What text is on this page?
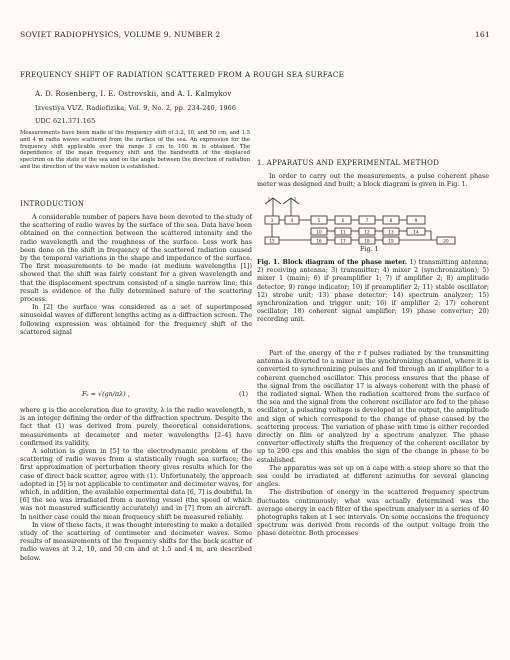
SOVIET RADIOPHYSICS, VOLUME 9, NUMBER 2	161
FREQUENCY SHIFT OF RADIATION SCATTERED FROM A ROUGH SEA SURFACE
A. D. Rosenberg, I. E. Ostrovskii, and A. I. Kalmykov
Izvestiya VUZ. Radiofizika, Vol. 9, No. 2, pp. 234-240, 1966
UDC 621.371.165
Measurements have been made of the frequency shift of 3.2, 10, and 50 cm, and 1.5 and 4 m radio waves scattered from the surface of the sea. An expression for the frequency shift applicable over the range 3 cm to 100 m is obtained. The dependence of the mean frequency shift and the bandwidth of the displaced spectrum on the state of the sea and on the angle between the direction of radiation and the direction of the wave motion is established.
INTRODUCTION

A considerable number of papers have been devoted to the study of the scattering of radio waves by the surface of the sea. Data have been obtained on the connection between the scattered intensity and the radio wavelength and the roughness of the surface. Less work has been done on the shift in frequency of the scattered radiation caused by the temporal variations in the shape and impedance of the surface. The first measurements to be made (at medium wavelengths [1]) showed that the shift was fairly constant for a given wavelength and that the displacement spectrum consisted of a single narrow line; this result is evidence of the fully determined nature of the scattering process.

In [2] the surface was considered as a set of superimposed sinusoidal waves of different lengths acting as a diffraction screen. The following expression was obtained for the frequency shift of the scattered signal

Fₛ = √(gn/πλ) ,	(1)

where g is the acceleration due to gravity, λ is the radio wavelength, n is an integer defining the order of the diffraction spectrum. Despite the fact that (1) was derived from purely theoretical considerations, measurements at decameter and meter wavelengths [2–4] have confirmed its validity.

A solution is given in [5] to the electrodynamic problem of the scattering of radio waves from a statistically rough sea surface; the first approximation of perturbation theory gives results which for the case of direct back scatter, agree with (1). Unfortunately, the approach adopted in [5] is not applicable to centimeter and decimeter waves, for which, in addition, the available experimental data [6, 7] is doubtful. In [6] the sea was irradiated from a moving vessel (the speed of which was not measured sufficiently accurately) and in [7] from an aircraft. In neither case could the mean frequency shift be measured reliably.

In view of these facts, it was thought interesting to make a detailed study of the scattering of centimeter and decimeter waves. Some results of measurements of the frequency shifts for the back scatter of radio waves at 3.2, 10, and 50 cm and at 1.5 and 4 m, are described below.

1. APPARATUS AND EXPERIMENTAL METHOD

In order to carry out the measurements, a pulse coherent phase meter was designed and built; a block diagram is given in Fig. 1.

3	4	5	6	7	8	9
10	11	12	13	14
15	16	17	18	19	20
1	2
Fig. 1
Fig. 1. Block diagram of the phase meter. 1) transmitting antenna; 2) receiving antenna; 3) transmitter; 4) mixer 2 (synchronization); 5) mixer 1 (main); 6) if preamplifier 1; 7) if amplifier 2; 8) amplitude detector; 9) range indicator; 10) if preamplifier 2; 11) stable oscillator; 12) strobe unit; 13) phase detector; 14) spectrum analyzer; 15) synchronization and trigger unit; 16) if amplifier 2; 17) coherent oscillator; 18) coherent signal amplifier; 19) phase converter; 20) recording unit.

Part of the energy of the r f pulses radiated by the transmitting antenna is diverted to a mixer in the synchronizing channel, where it is converted to synchronizing pulses and fed through an if amplifier to a coherent quenched oscillator. This process ensures that the phase of the signal from the oscillator 17 is always coherent with the phase of the radiated signal. When the radiation scattered from the surface of the sea and the signal from the coherent oscillator are fed to the phase oscillator, a pulsating voltage is developed at the output, the amplitude and sign of which correspond to the change of phase caused by the scattering process. The variation of phase with time is either recorded directly on film or analyzed by a spectrum analyzer. The phase converter effectively shifts the frequency of the coherent oscillator by up to 200 cps and this enables the sign of the change in phase to be established.

The apparatus was set up on a cape with a steep shore so that the sea could be irradiated at different azimuths for several glancing angles.

The distribution of energy in the scattered frequency spectrum fluctuates continuously; what was actually determined was the average energy in each filter of the spectrum analyser in a series of 40 photographs taken at 1 sec intervals. On some occasions the frequency spectrum was derived from records of the output voltage from the phase detector. Both processes
